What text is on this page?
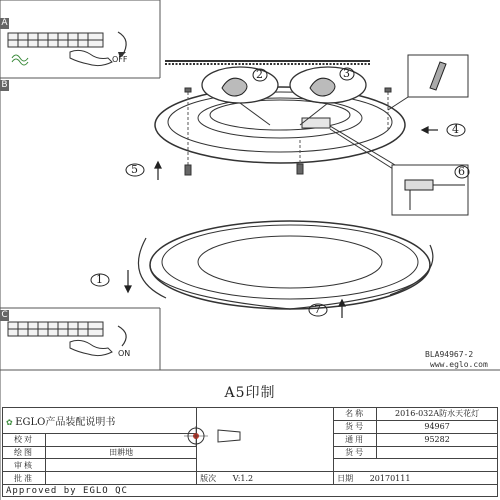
A
B
C
OFF
ON
1
2	3
4
5	6
7
BLA94967-2
www.eglo.com
A5印制
✿ EGLO产品装配说明书			名称	2016-032A防水天花灯
			货号	94967
校对			通用	95282
绘图	田耕地		货号	
审核				
批准		版次 V:1.2	日期 20170111	
Approved by EGLO QC				
